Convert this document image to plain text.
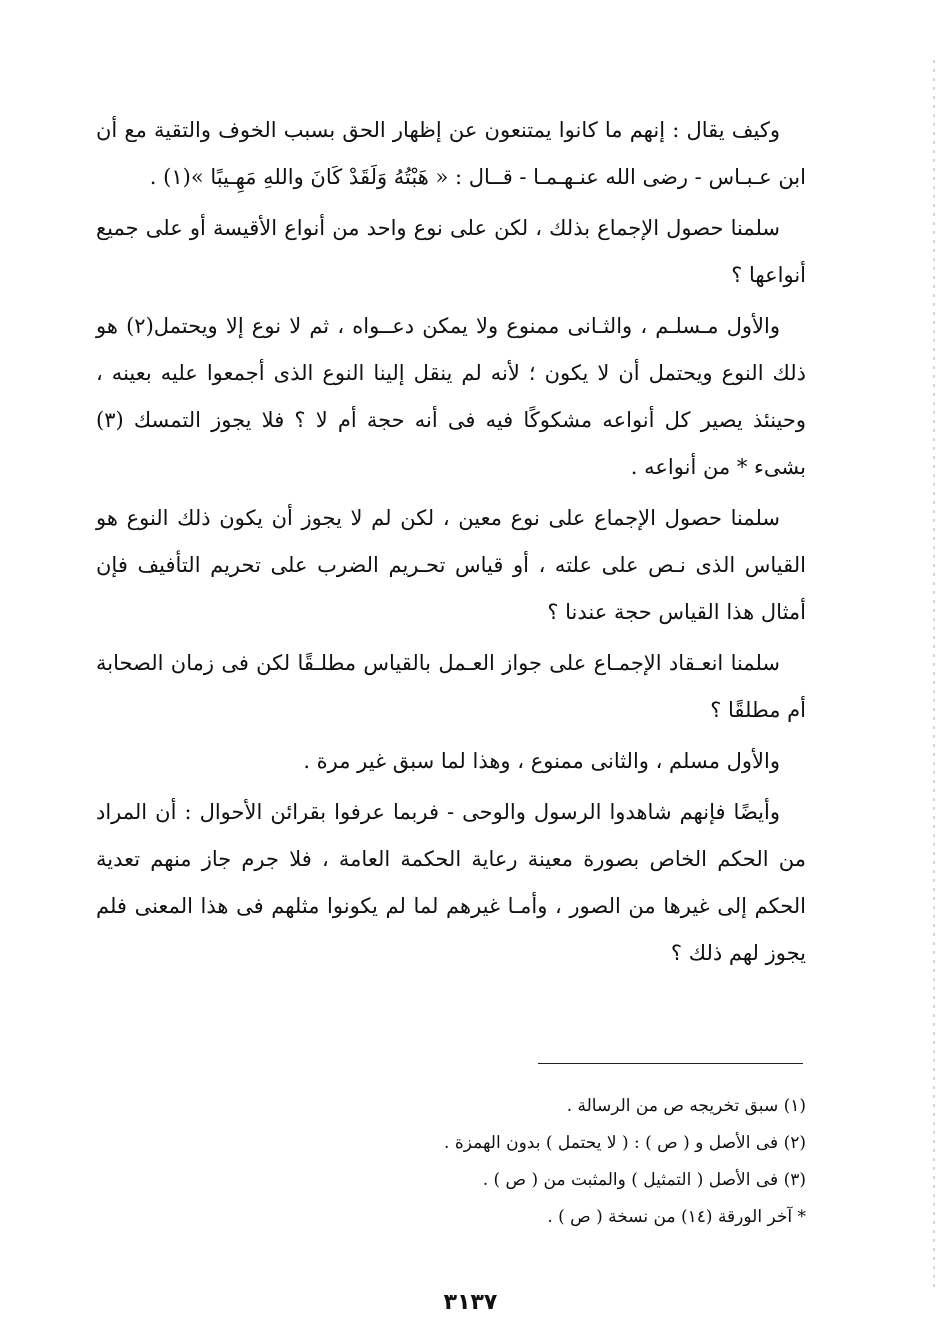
وكيف يقال : إنهم ما كانوا يمتنعون عن إظهار الحق بسبب الخوف والتقية مع أن ابن عـبـاس - رضى الله عنـهـمـا - قــال : « هَبْتُهُ وَلَقَدْ كَانَ واللهِ مَهِـيبًا »(١) .

سلمنا حصول الإجماع بذلك ، لكن على نوع واحد من أنواع الأقيسة أو على جميع أنواعها ؟

والأول مـسلـم ، والثـانى ممنوع ولا يمكن دعــواه ، ثم لا نوع إلا ويحتمل(٢) هو ذلك النوع ويحتمل أن لا يكون ؛ لأنه لم ينقل إلينا النوع الذى أجمعوا عليه بعينه ، وحينئذ يصير كل أنواعه مشكوكًا فيه فى أنه حجة أم لا ؟ فلا يجوز التمسك (٣) بشىء * من أنواعه .

سلمنا حصول الإجماع على نوع معين ، لكن لم لا يجوز أن يكون ذلك النوع هو القياس الذى نـص على علته ، أو قياس تحـريم الضرب على تحريم التأفيف فإن أمثال هذا القياس حجة عندنا ؟

سلمنا انعـقاد الإجمـاع على جواز العـمل بالقياس مطلـقًا لكن فى زمان الصحابة أم مطلقًا ؟

والأول مسلم ، والثانى ممنوع ، وهذا لما سبق غير مرة .

وأيضًا فإنهم شاهدوا الرسول والوحى - فربما عرفوا بقرائن الأحوال : أن المراد من الحكم الخاص بصورة معينة رعاية الحكمة العامة ، فلا جرم جاز منهم تعدية الحكم إلى غيرها من الصور ، وأمـا غيرهم لما لم يكونوا مثلهم فى هذا المعنى فلم يجوز لهم ذلك ؟

(١) سبق تخريجه ص من الرسالة .

(٢) فى الأصل و ( ص ) : ( لا يحتمل ) بدون الهمزة .

(٣) فى الأصل ( التمثيل ) والمثبت من ( ص ) .

* آخر الورقة (١٤) من نسخة ( ص ) .

٣١٣٧
